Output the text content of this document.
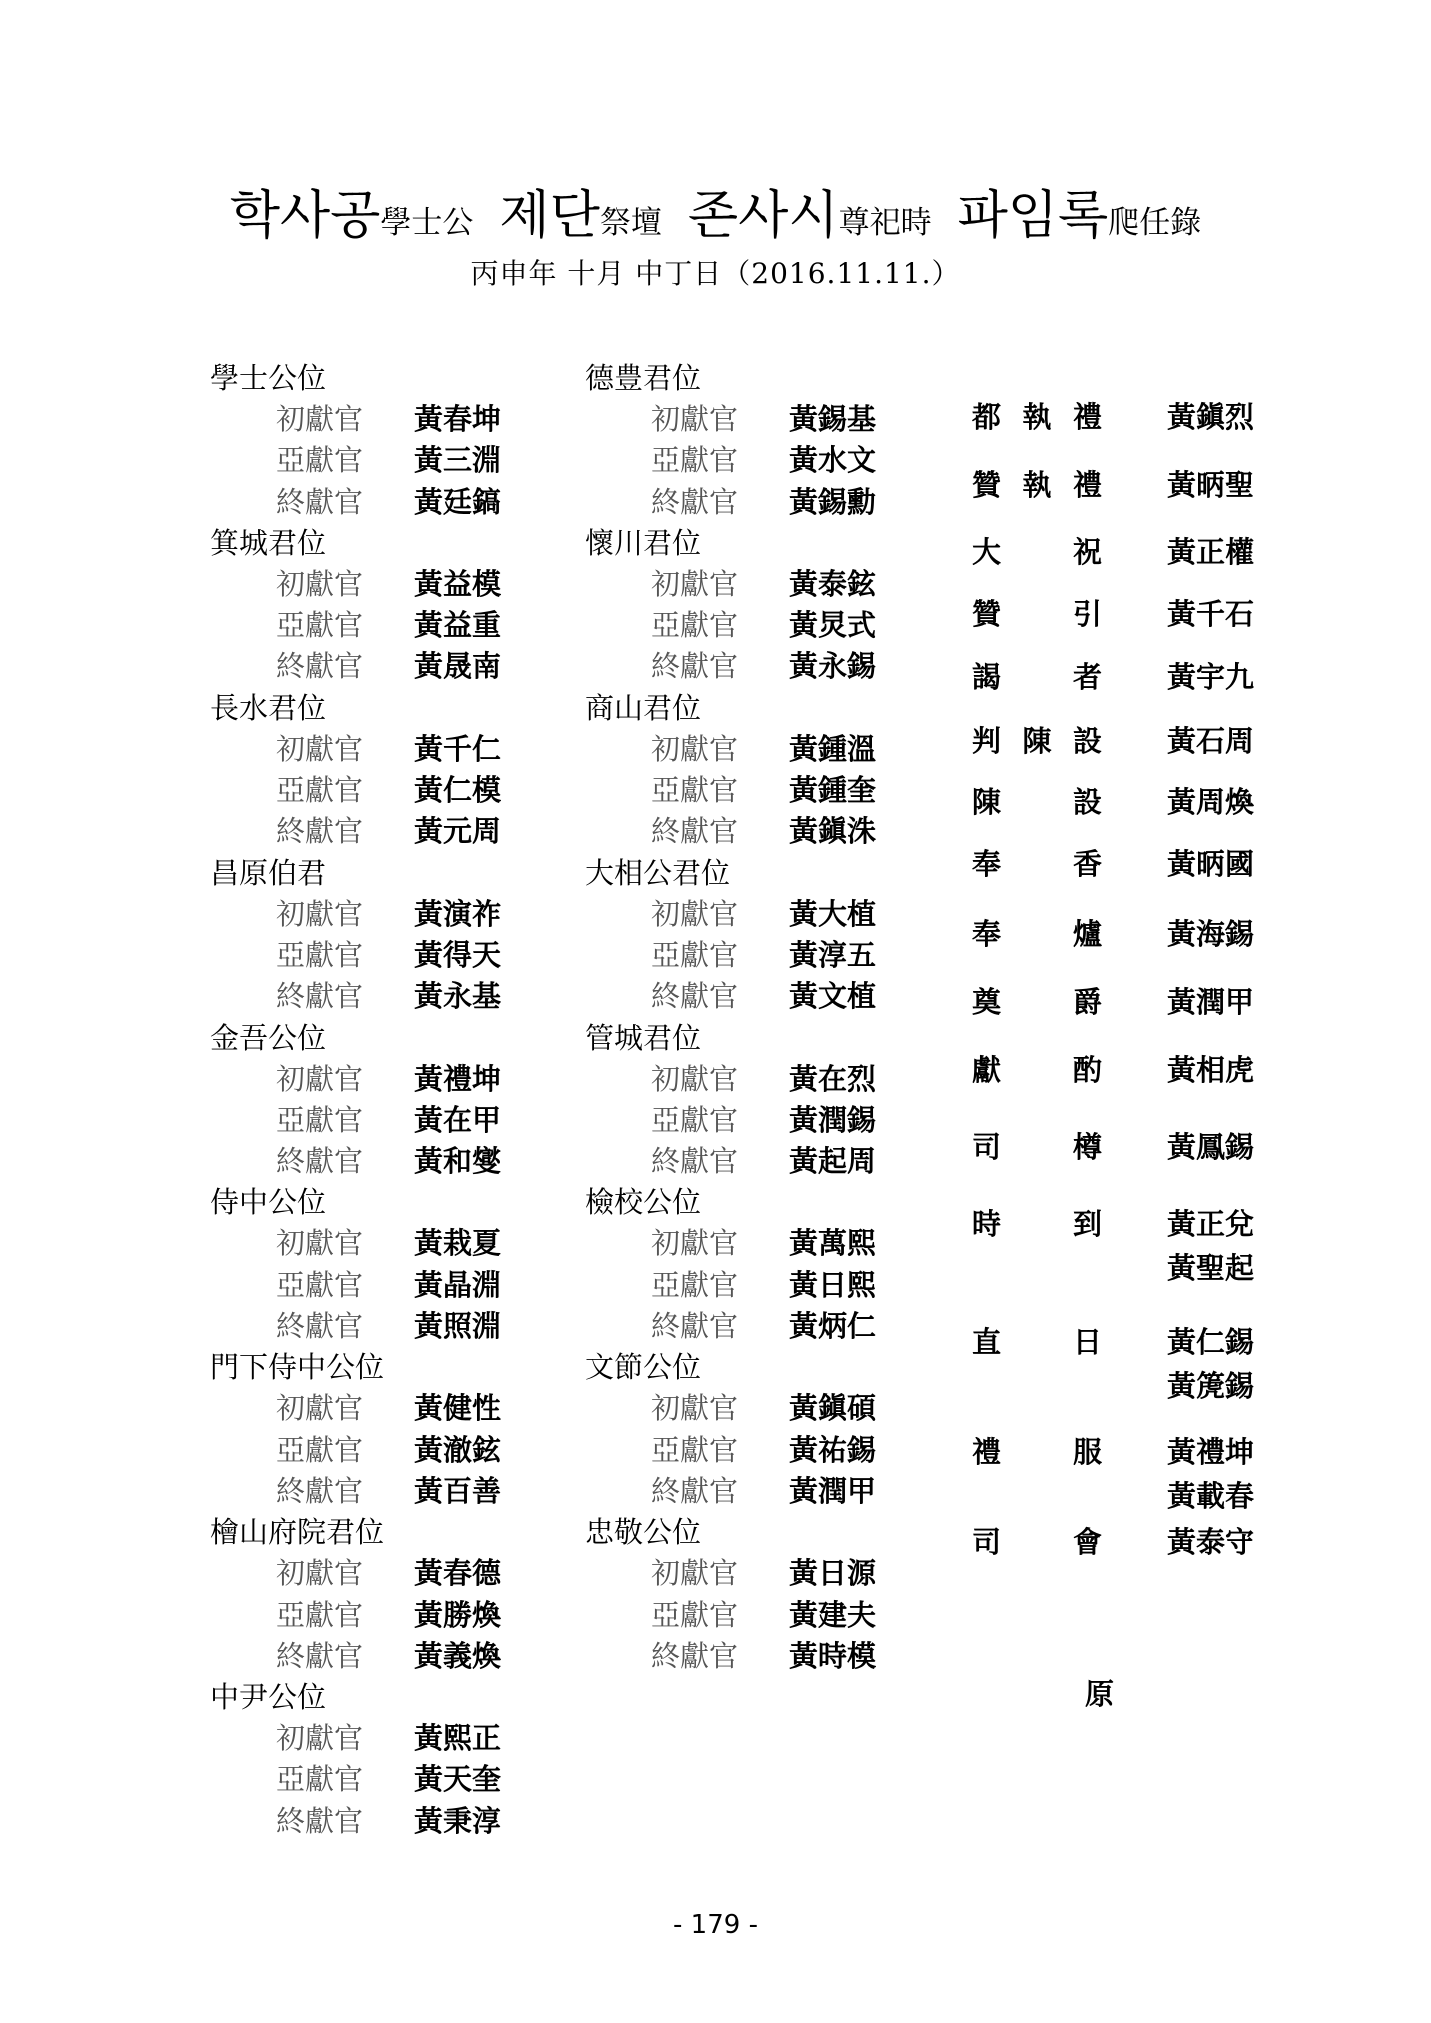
학사공學士公 제단祭壇 존사시尊祀時 파임록爬任錄
丙申年 十月 中丁日（2016.11.11.）
學士公位
初獻官 黃春坤
亞獻官 黃三淵
終獻官 黃廷鎬
箕城君位
初獻官 黃益模
亞獻官 黃益重
終獻官 黃晟南
長水君位
初獻官 黃千仁
亞獻官 黃仁模
終獻官 黃元周
昌原伯君
初獻官 黃演祚
亞獻官 黃得天
終獻官 黃永基
金吾公位
初獻官 黃禮坤
亞獻官 黃在甲
終獻官 黃和燮
侍中公位
初獻官 黃栽夏
亞獻官 黃晶淵
終獻官 黃照淵
門下侍中公位
初獻官 黃健性
亞獻官 黃澈鉉
終獻官 黃百善
檜山府院君位
初獻官 黃春德
亞獻官 黃勝煥
終獻官 黃義煥
中尹公位
初獻官 黃熙正
亞獻官 黃天奎
終獻官 黃秉淳
德豊君位
初獻官 黃錫基
亞獻官 黃水文
終獻官 黃錫勳
懷川君位
初獻官 黃泰鉉
亞獻官 黃炅式
終獻官 黃永錫
商山君位
初獻官 黃鍾溫
亞獻官 黃鍾奎
終獻官 黃鎭洙
大相公君位
初獻官 黃大植
亞獻官 黃淳五
終獻官 黃文植
管城君位
初獻官 黃在烈
亞獻官 黃潤錫
終獻官 黃起周
檢校公位
初獻官 黃萬熙
亞獻官 黃日熙
終獻官 黃炳仁
文節公位
初獻官 黃鎭碩
亞獻官 黃祐錫
終獻官 黃潤甲
忠敬公位
初獻官 黃日源
亞獻官 黃建夫
終獻官 黃時模
都 執 禮 黃鎭烈
贊 執 禮 黃昞聖
大 祝 黃正權
贊 引 黃千石
謁 者 黃宇九
判 陳 設 黃石周
陳 設 黃周煥
奉 香 黃昞國
奉 爐 黃海錫
奠 爵 黃潤甲
獻 酌 黃相虎
司 樽 黃鳳錫
時 到 黃正兌
黃聖起
直 日 黃仁錫
黃箎錫
禮 服 黃禮坤
黃載春
司 會 黃泰守
原
- 179 -
